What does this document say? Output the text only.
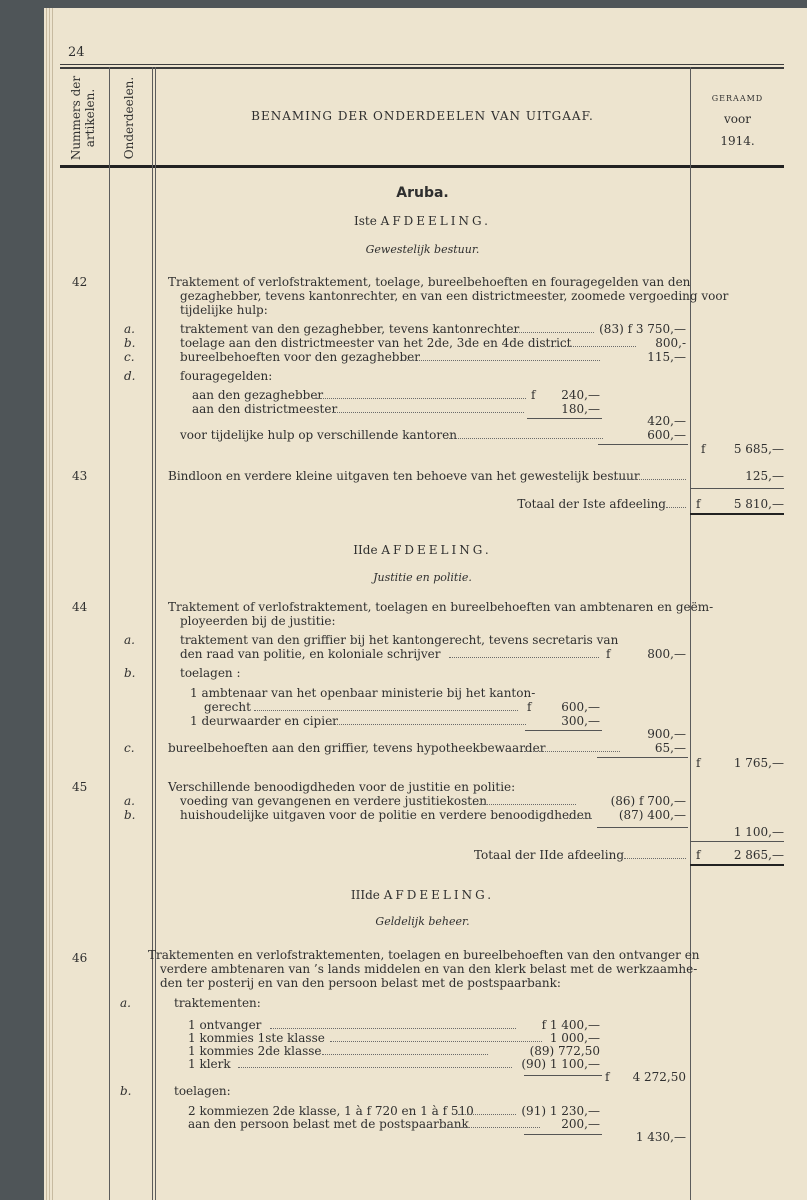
24
Nummers der artikelen. Onderdeelen.	BENAMING DER ONDERDEELEN VAN UITGAAF.
GERAAMD
voor
1914.
Aruba.
Iste AFDEELING.
Gewestelijk bestuur.
42	Traktement of verlofstraktement, toelage, bureelbehoeften en fouragegelden van den
gezaghebber, tevens kantonrechter, en van een districtmeester, zoomede vergoeding voor
tijdelijke hulp:
a.	traktement van den gezaghebber, tevens kantonrechter	(83) f 3 750,—
b.	toelage aan den districtmeester van het 2de, 3de en 4de district	800,-
c.	bureelbehoeften voor den gezaghebber	115,—
d.	fouragegelden:
aan den gezaghebber	f	240,—
aan den districtmeester	180,—
420,—
voor tijdelijke hulp op verschillende kantoren	600,—
f	5 685,—
43	Bindloon en verdere kleine uitgaven ten behoeve van het gewestelijk bestuur	125,—
Totaal der Iste afdeeling	f	5 810,—
IIde AFDEELING.
Justitie en politie.
44	Traktement of verlofstraktement, toelagen en bureelbehoeften van ambtenaren en geëm-
ployeerden bij de justitie:
a.	traktement van den griffier bij het kantongerecht, tevens secretaris van
den raad van politie, en koloniale schrijver	f	800,—
b.	toelagen :
1 ambtenaar van het openbaar ministerie bij het kanton-
gerecht	f	600,—
1 deurwaarder en cipier	300,—
900,—
c.	bureelbehoeften aan den griffier, tevens hypotheekbewaarder	65,—
f	1 765,—
45	Verschillende benoodigdheden voor de justitie en politie:
a.	voeding van gevangenen en verdere justitiekosten	(86) f 700,—
b.	huishoudelijke uitgaven voor de politie en verdere benoodigdheden	(87) 400,—
1 100,—
Totaal der IIde afdeeling	f	2 865,—
IIIde AFDEELING.
Geldelijk beheer.
46	Traktementen en verlofstraktementen, toelagen en bureelbehoeften van den ontvanger en
verdere ambtenaren van ’s lands middelen en van den klerk belast met de werkzaamhe-
den ter posterij en van den persoon belast met de postspaarbank:
a.	traktementen:
1 ontvanger	f 1 400,—
1 kommies 1ste klasse	1 000,—
1 kommies 2de klasse	(89) 772,50
1 klerk	(90) 1 100,—
f	4 272,50
b.	toelagen:
2 kommiezen 2de klasse, 1 à f 720 en 1 à f 510	(91) 1 230,—
aan den persoon belast met de postspaarbank	200,—
1 430,—
